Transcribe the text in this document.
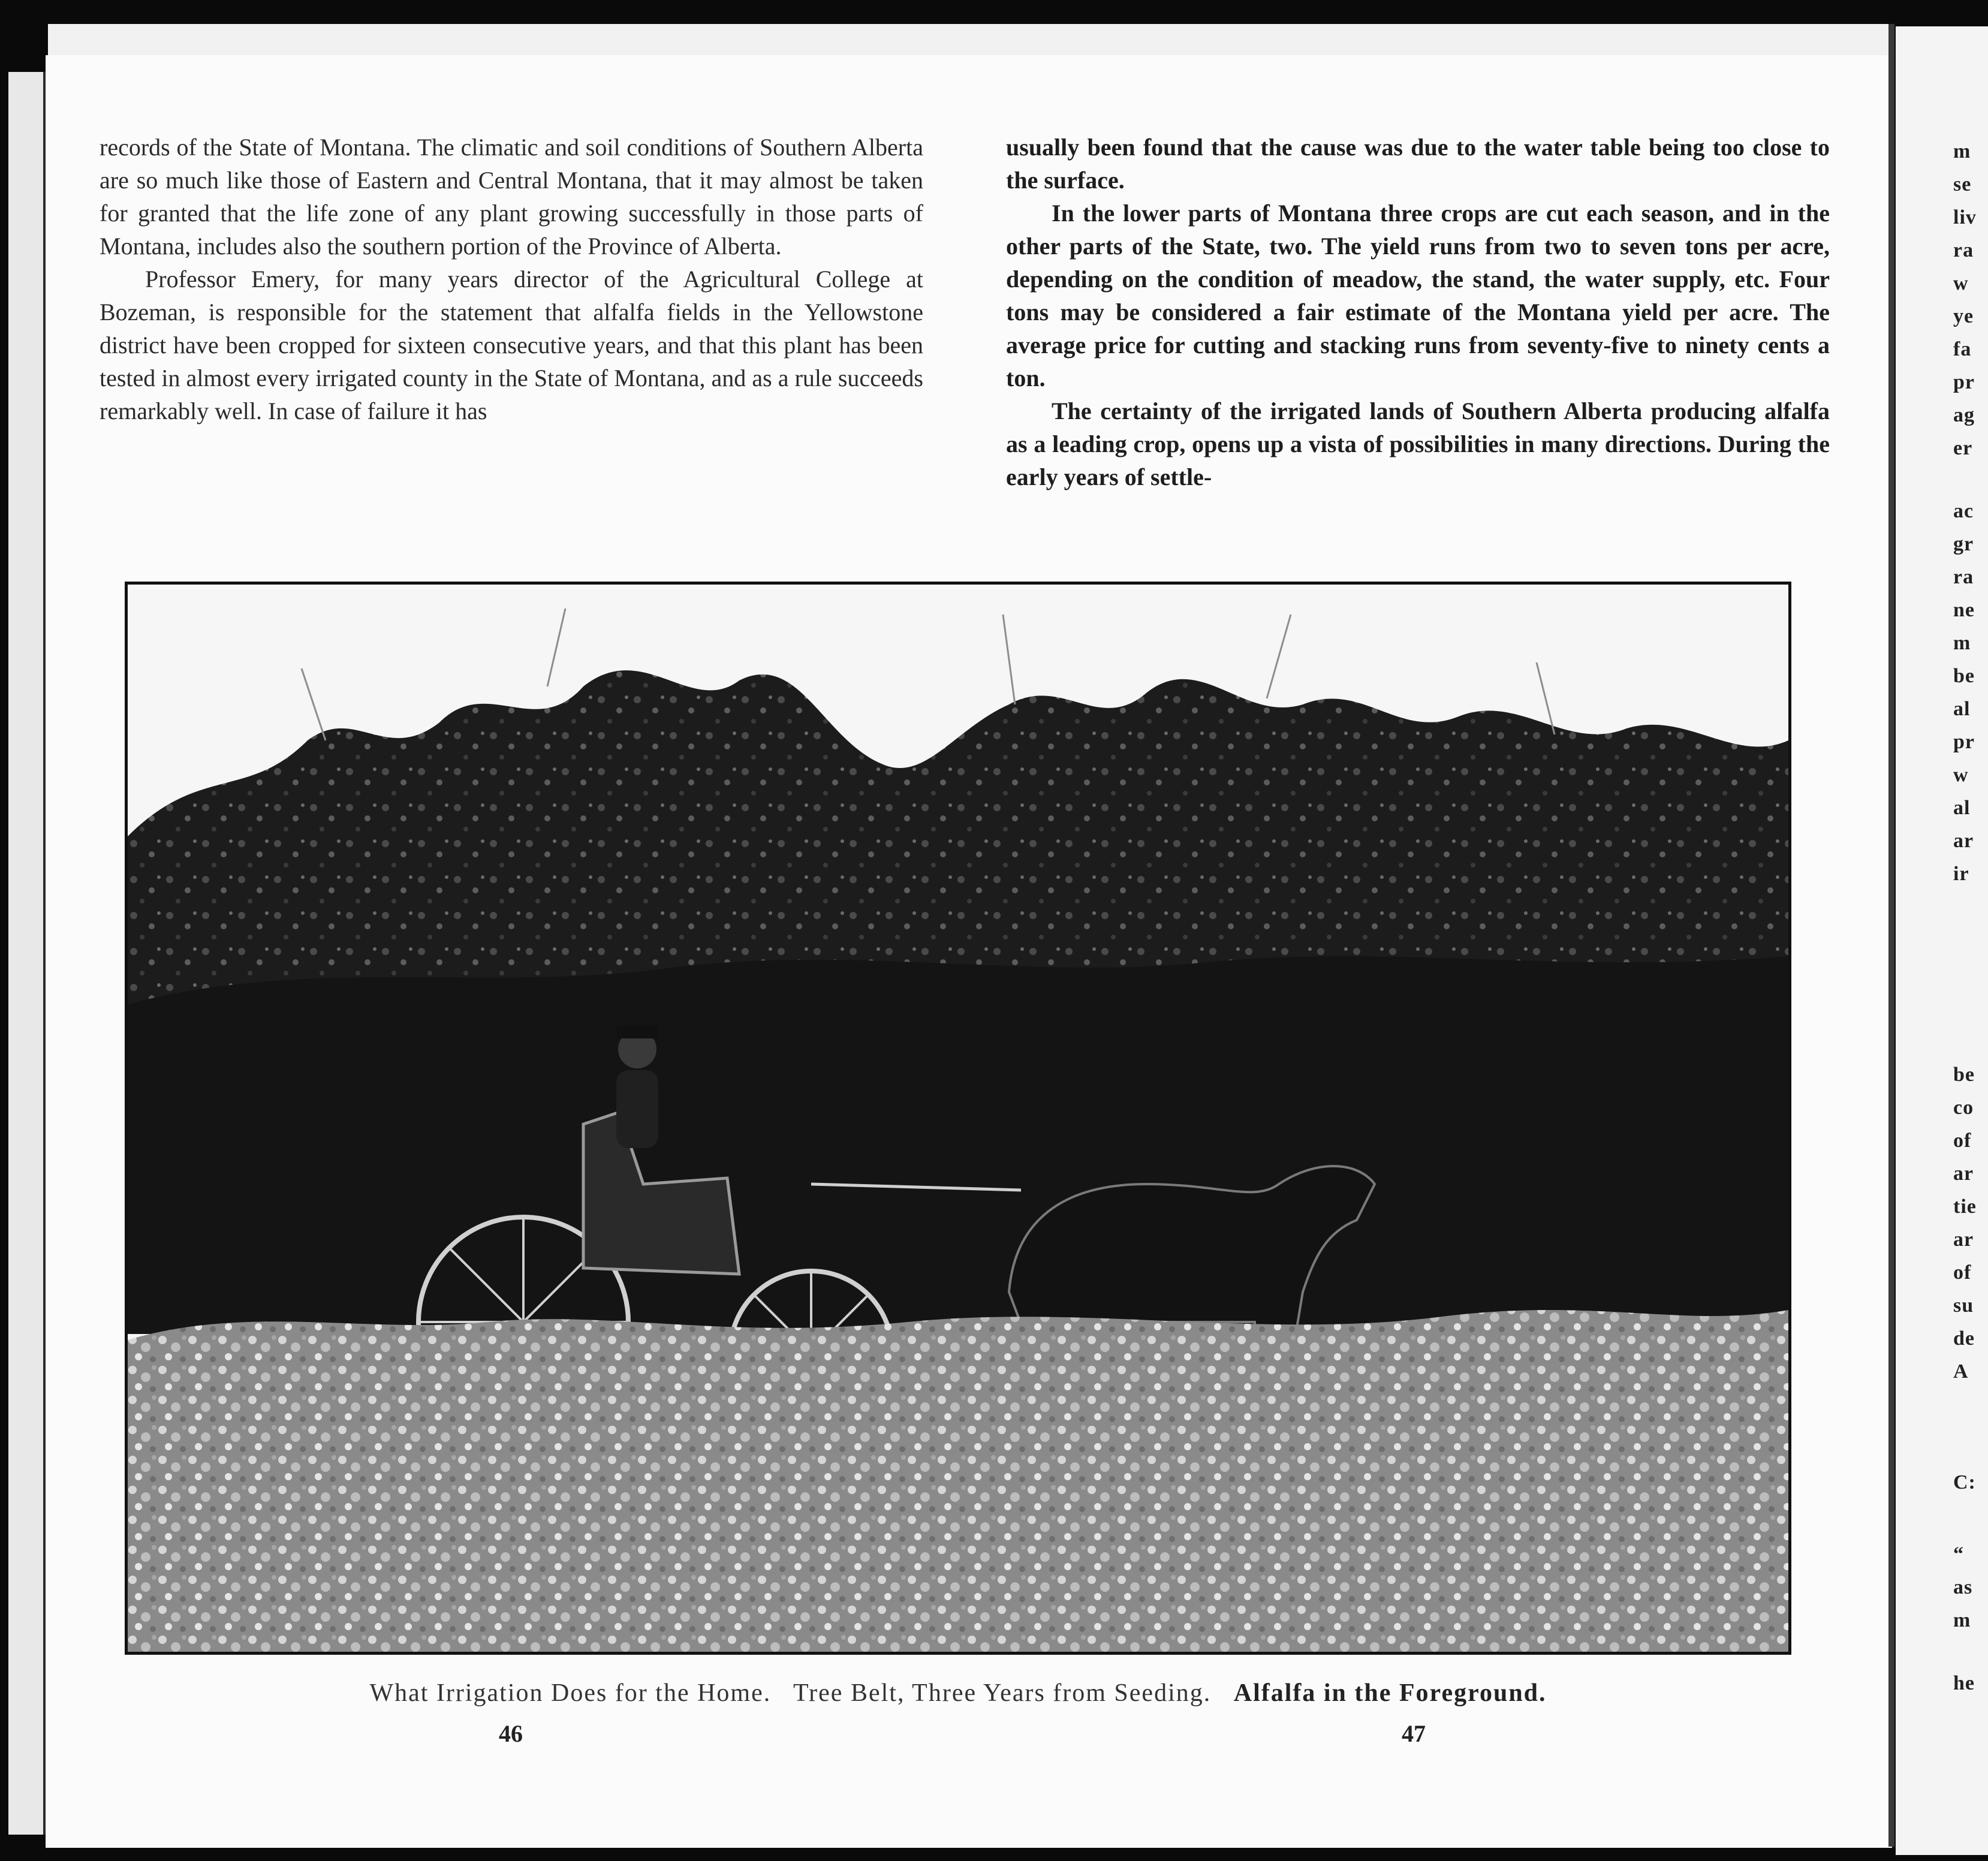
m
se
liv
ra
w
ye
fa
pr
ag
er
ac
gr
ra
ne
m
be
al
pr
w
al
ar
ir
be
co
of
ar
tie
ar
of
su
de
A
C:
“
as
m
he

records of the State of Montana. The climatic and soil conditions of Southern Alberta are so much like those of Eastern and Central Montana, that it may almost be taken for granted that the life zone of any plant growing successfully in those parts of Montana, includes also the southern portion of the Province of Alberta.

Professor Emery, for many years director of the Agricultural College at Bozeman, is responsible for the statement that alfalfa fields in the Yellowstone district have been cropped for sixteen consecutive years, and that this plant has been tested in almost every irrigated county in the State of Montana, and as a rule succeeds remarkably well. In case of failure it has

usually been found that the cause was due to the water table being too close to the surface.

In the lower parts of Montana three crops are cut each season, and in the other parts of the State, two. The yield runs from two to seven tons per acre, depending on the condition of meadow, the stand, the water supply, etc. Four tons may be considered a fair estimate of the Montana yield per acre. The average price for cutting and stacking runs from seventy-five to ninety cents a ton.

The certainty of the irrigated lands of Southern Alberta producing alfalfa as a leading crop, opens up a vista of possibilities in many directions. During the early years of settle-

What Irrigation Does for the Home. Tree Belt, Three Years from Seeding. Alfalfa in the Foreground.
46	47
